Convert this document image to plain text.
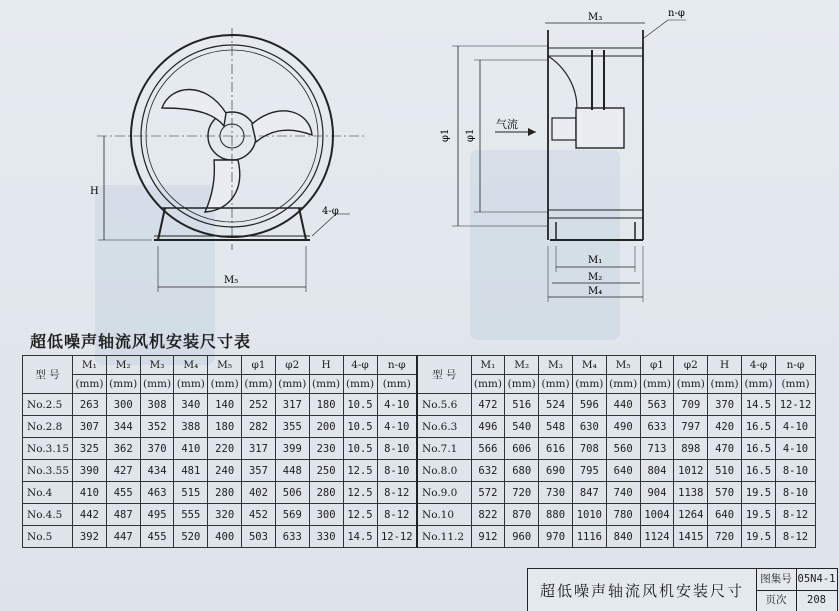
H
M₅
4-φ
M₃	n-φ
φ1 φ1
气流
M₁
M₂
M₄
超低噪声轴流风机安装尺寸表
型 号	M₁	M₂	M₃	M₄	M₅	φ1	φ2	H	4-φ	n-φ	型 号	M₁	M₂	M₃	M₄	M₅	φ1	φ2	H	4-φ	n-φ
	(mm)	(mm)	(mm)	(mm)	(mm)	(mm)	(mm)	(mm)	(mm)	(mm)		(mm)	(mm)	(mm)	(mm)	(mm)	(mm)	(mm)	(mm)	(mm)	(mm)
No.2.5	263	300	308	340	140	252	317	180	10.5	4-10	No.5.6	472	516	524	596	440	563	709	370	14.5	12-12
No.2.8	307	344	352	388	180	282	355	200	10.5	4-10	No.6.3	496	540	548	630	490	633	797	420	16.5	4-10
No.3.15	325	362	370	410	220	317	399	230	10.5	8-10	No.7.1	566	606	616	708	560	713	898	470	16.5	4-10
No.3.55	390	427	434	481	240	357	448	250	12.5	8-10	No.8.0	632	680	690	795	640	804	1012	510	16.5	8-10
No.4	410	455	463	515	280	402	506	280	12.5	8-12	No.9.0	572	720	730	847	740	904	1138	570	19.5	8-10
No.4.5	442	487	495	555	320	452	569	300	12.5	8-12	No.10	822	870	880	1010	780	1004	1264	640	19.5	8-12
No.5	392	447	455	520	400	503	633	330	14.5	12-12	No.11.2	912	960	970	1116	840	1124	1415	720	19.5	8-12
超低噪声轴流风机安装尺寸
图集号 05N4-1
页次	208
